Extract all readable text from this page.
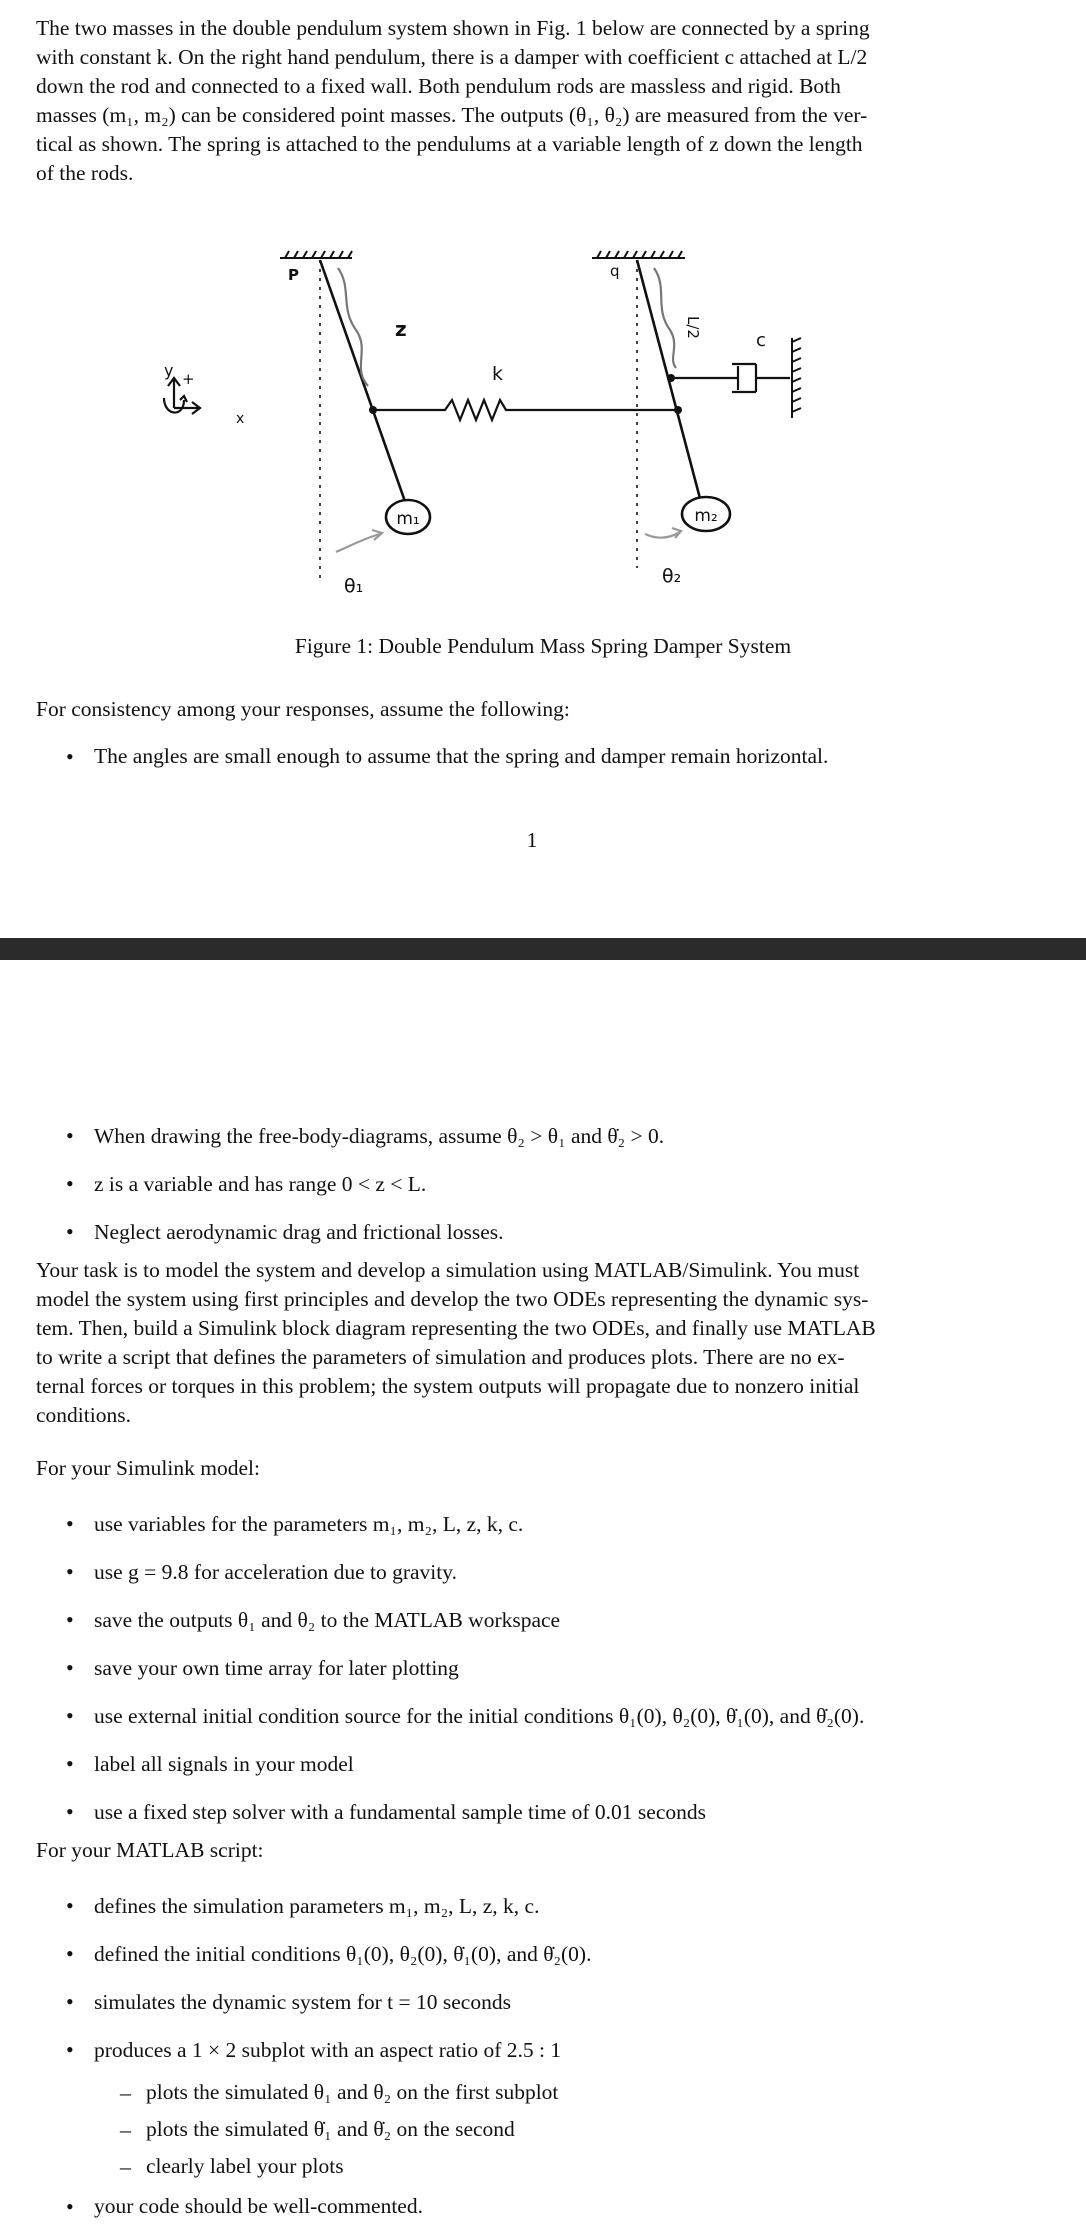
The two masses in the double pendulum system shown in Fig. 1 below are connected by a spring
with constant k. On the right hand pendulum, there is a damper with coefficient c attached at L/2
down the rod and connected to a fixed wall. Both pendulum rods are massless and rigid. Both
masses (m₁, m₂) can be considered point masses. The outputs (θ₁, θ₂) are measured from the ver-
tical as shown. The spring is attached to the pendulums at a variable length of z down the length
of the rods.
y +
x
P	q
z	L/2
k
c
m₁	m₂
θ₁	θ₂
Figure 1: Double Pendulum Mass Spring Damper System
For consistency among your responses, assume the following:
• The angles are small enough to assume that the spring and damper remain horizontal.
1
• When drawing the free-body-diagrams, assume θ₂ > θ₁ and θ̇₂ > 0.
• z is a variable and has range 0 < z < L.
• Neglect aerodynamic drag and frictional losses.
Your task is to model the system and develop a simulation using MATLAB/Simulink. You must
model the system using first principles and develop the two ODEs representing the dynamic sys-
tem. Then, build a Simulink block diagram representing the two ODEs, and finally use MATLAB
to write a script that defines the parameters of simulation and produces plots. There are no ex-
ternal forces or torques in this problem; the system outputs will propagate due to nonzero initial
conditions.
For your Simulink model:
• use variables for the parameters m₁, m₂, L, z, k, c.
• use g = 9.8 for acceleration due to gravity.
• save the outputs θ₁ and θ₂ to the MATLAB workspace
• save your own time array for later plotting
• use external initial condition source for the initial conditions θ₁(0), θ₂(0), θ̇₁(0), and θ̇₂(0).
• label all signals in your model
• use a fixed step solver with a fundamental sample time of 0.01 seconds
For your MATLAB script:
• defines the simulation parameters m₁, m₂, L, z, k, c.
• defined the initial conditions θ₁(0), θ₂(0), θ̇₁(0), and θ̇₂(0).
• simulates the dynamic system for t = 10 seconds
• produces a 1 × 2 subplot with an aspect ratio of 2.5 : 1
– plots the simulated θ₁ and θ₂ on the first subplot
– plots the simulated θ̇₁ and θ̇₂ on the second
– clearly label your plots
• your code should be well-commented.
